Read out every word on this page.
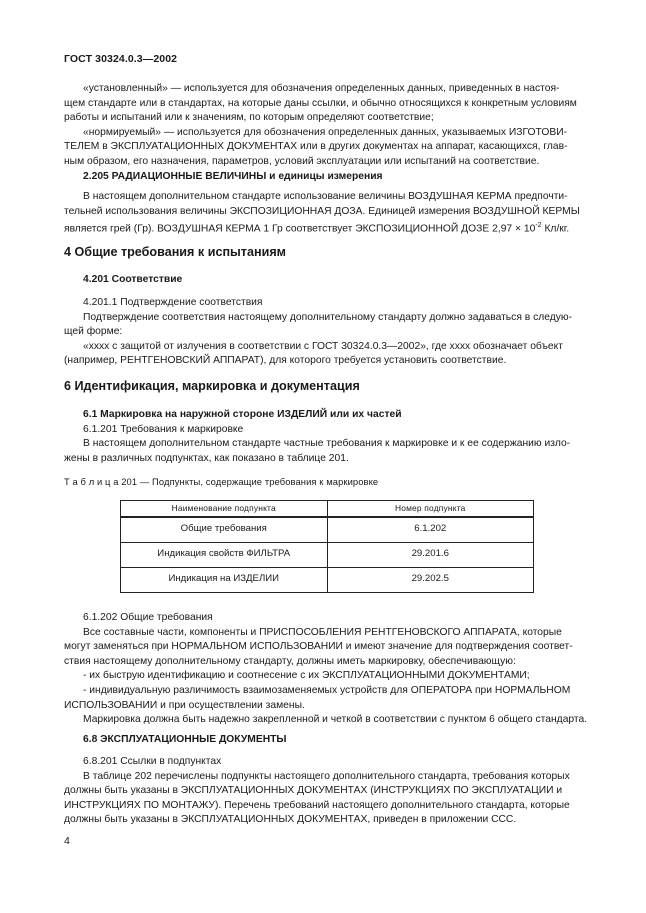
ГОСТ 30324.0.3—2002
«установленный» — используется для обозначения определенных данных, приведенных в настоя-
щем стандарте или в стандартах, на которые даны ссылки, и обычно относящихся к конкретным условиям
работы и испытаний или к значениям, по которым определяют соответствие;
«нормируемый» — используется для обозначения определенных данных, указываемых ИЗГОТОВИ-
ТЕЛЕМ в ЭКСПЛУАТАЦИОННЫХ ДОКУМЕНТАХ или в других документах на аппарат, касающихся, глав-
ным образом, его назначения, параметров, условий эксплуатации или испытаний на соответствие.
2.205 РАДИАЦИОННЫЕ ВЕЛИЧИНЫ и единицы измерения
В настоящем дополнительном стандарте использование величины ВОЗДУШНАЯ КЕРМА предпочти-
тельней использования величины ЭКСПОЗИЦИОННАЯ ДОЗА. Единицей измерения ВОЗДУШНОЙ КЕРМЫ
является грей (Гр). ВОЗДУШНАЯ КЕРМА 1 Гр соответствует ЭКСПОЗИЦИОННОЙ ДОЗЕ $2,97 \times 10^{-2}$ Кл/кг.
4 Общие требования к испытаниям
4.201 Соответствие
4.201.1 Подтверждение соответствия
Подтверждение соответствия настоящему дополнительному стандарту должно задаваться в следую-
щей форме:
«хххх с защитой от излучения в соответствии с ГОСТ 30324.0.3—2002», где хххх обозначает объект
(например, РЕНТГЕНОВСКИЙ АППАРАТ), для которого требуется установить соответствие.
6 Идентификация, маркировка и документация
6.1 Маркировка на наружной стороне ИЗДЕЛИЙ или их частей
6.1.201 Требования к маркировке
В настоящем дополнительном стандарте частные требования к маркировке и к ее содержанию изло-
жены в различных подпунктах, как показано в таблице 201.
Т а б л и ц а 201 — Подпункты, содержащие требования к маркировке
Наименование подпункта	Номер подпункта
Общие требования	6.1.202
Индикация свойств ФИЛЬТРА	29.201.6
Индикация на ИЗДЕЛИИ	29.202.5
6.1.202 Общие требования
Все составные части, компоненты и ПРИСПОСОБЛЕНИЯ РЕНТГЕНОВСКОГО АППАРАТА, которые
могут заменяться при НОРМАЛЬНОМ ИСПОЛЬЗОВАНИИ и имеют значение для подтверждения соответ-
ствия настоящему дополнительному стандарту, должны иметь маркировку, обеспечивающую:
- их быструю идентификацию и соотнесение с их ЭКСПЛУАТАЦИОННЫМИ ДОКУМЕНТАМИ;
- индивидуальную различимость взаимозаменяемых устройств для ОПЕРАТОРА при НОРМАЛЬНОМ
ИСПОЛЬЗОВАНИИ и при осуществлении замены.
Маркировка должна быть надежно закрепленной и четкой в соответствии с пунктом 6 общего стандарта.
6.8 ЭКСПЛУАТАЦИОННЫЕ ДОКУМЕНТЫ
6.8.201 Ссылки в подпунктах
В таблице 202 перечислены подпункты настоящего дополнительного стандарта, требования которых
должны быть указаны в ЭКСПЛУАТАЦИОННЫХ ДОКУМЕНТАХ (ИНСТРУКЦИЯХ ПО ЭКСПЛУАТАЦИИ и
ИНСТРУКЦИЯХ ПО МОНТАЖУ). Перечень требований настоящего дополнительного стандарта, которые
должны быть указаны в ЭКСПЛУАТАЦИОННЫХ ДОКУМЕНТАХ, приведен в приложении ССС.
4
